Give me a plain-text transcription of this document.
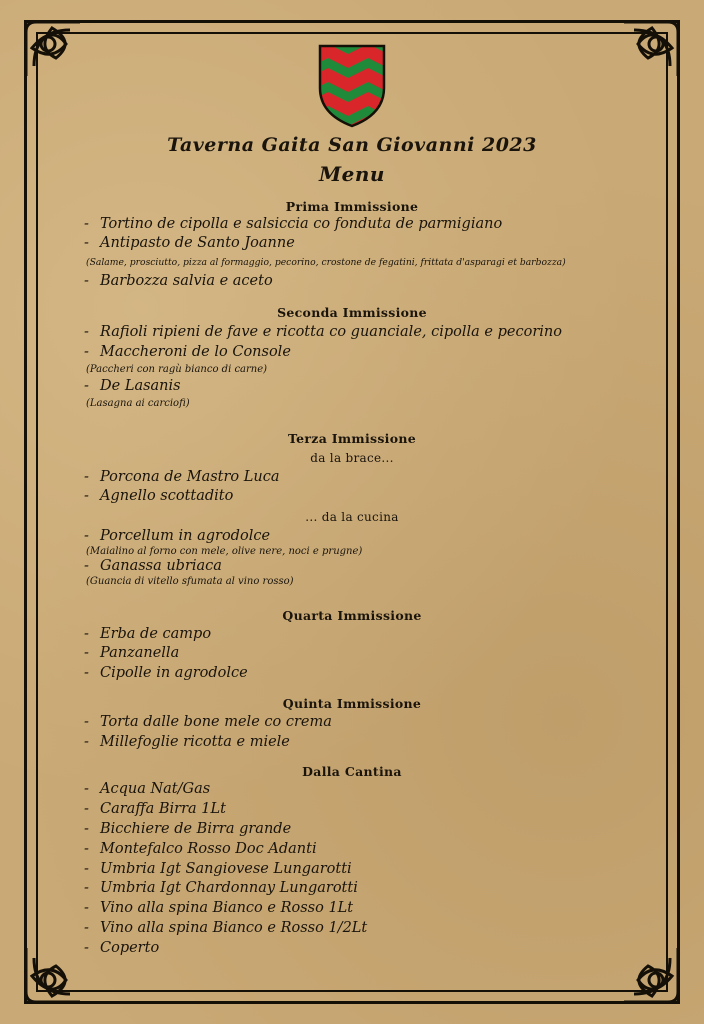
Taverna Gaita San Giovanni 2023
Menu
Prima Immissione
- Tortino de cipolla e salsiccia co fonduta de parmigiano
- Antipasto de Santo Joanne
(Salame, prosciutto, pizza al formaggio, pecorino, crostone de fegatini, frittata d'asparagi et barbozza)
- Barbozza salvia e aceto
Seconda Immissione
- Rafioli ripieni de fave e ricotta co guanciale, cipolla e pecorino
- Maccheroni de lo Console
(Paccheri con ragù bianco di carne)
- De Lasanis
(Lasagna ai carciofi)
Terza Immissione
da la brace...
- Porcona de Mastro Luca
- Agnello scottadito
... da la cucina
- Porcellum in agrodolce
(Maialino al forno con mele, olive nere, noci e prugne)
- Ganassa ubriaca
(Guancia di vitello sfumata al vino rosso)
Quarta Immissione
- Erba de campo
- Panzanella
- Cipolle in agrodolce
Quinta Immissione
- Torta dalle bone mele co crema
- Millefoglie ricotta e miele
Dalla Cantina
- Acqua Nat/Gas
- Caraffa Birra 1Lt
- Bicchiere de Birra grande
- Montefalco Rosso Doc Adanti
- Umbria Igt Sangiovese Lungarotti
- Umbria Igt Chardonnay Lungarotti
- Vino alla spina Bianco e Rosso 1Lt
- Vino alla spina Bianco e Rosso 1/2Lt
- Coperto
